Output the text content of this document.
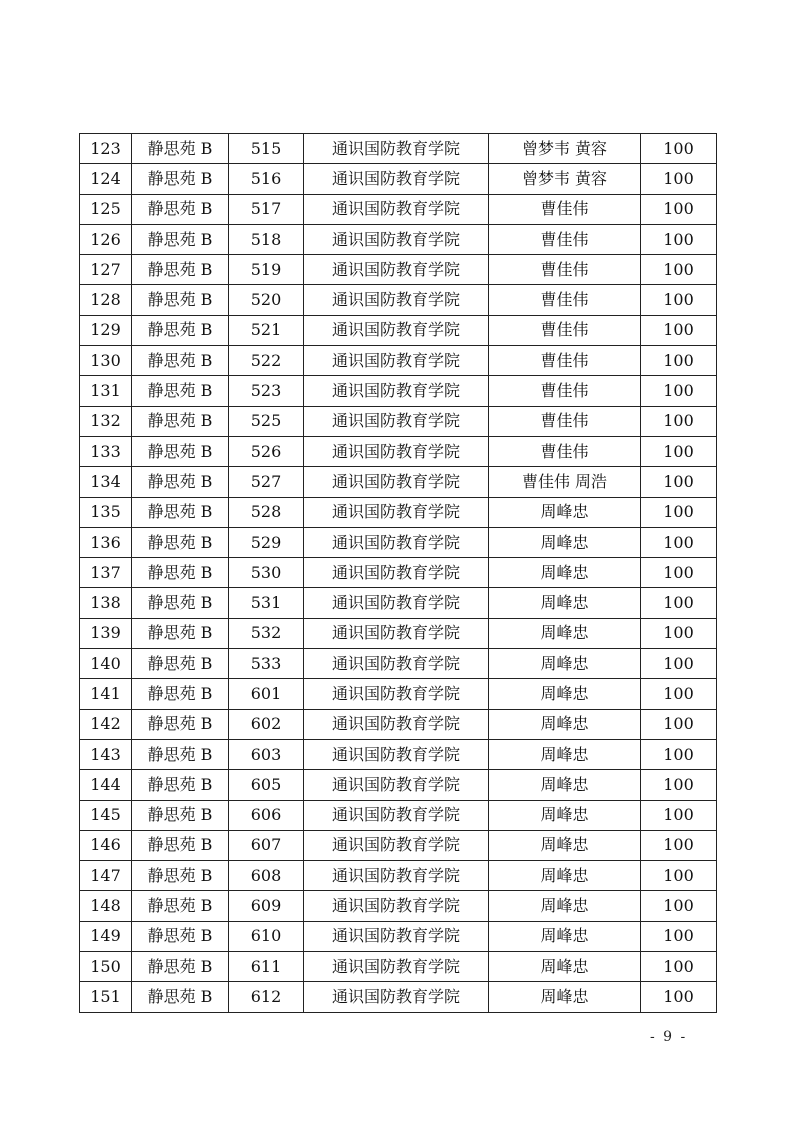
123	静思苑 B	515	通识国防教育学院	曾梦韦 黄容	100
124	静思苑 B	516	通识国防教育学院	曾梦韦 黄容	100
125	静思苑 B	517	通识国防教育学院	曹佳伟	100
126	静思苑 B	518	通识国防教育学院	曹佳伟	100
127	静思苑 B	519	通识国防教育学院	曹佳伟	100
128	静思苑 B	520	通识国防教育学院	曹佳伟	100
129	静思苑 B	521	通识国防教育学院	曹佳伟	100
130	静思苑 B	522	通识国防教育学院	曹佳伟	100
131	静思苑 B	523	通识国防教育学院	曹佳伟	100
132	静思苑 B	525	通识国防教育学院	曹佳伟	100
133	静思苑 B	526	通识国防教育学院	曹佳伟	100
134	静思苑 B	527	通识国防教育学院	曹佳伟 周浩	100
135	静思苑 B	528	通识国防教育学院	周峰忠	100
136	静思苑 B	529	通识国防教育学院	周峰忠	100
137	静思苑 B	530	通识国防教育学院	周峰忠	100
138	静思苑 B	531	通识国防教育学院	周峰忠	100
139	静思苑 B	532	通识国防教育学院	周峰忠	100
140	静思苑 B	533	通识国防教育学院	周峰忠	100
141	静思苑 B	601	通识国防教育学院	周峰忠	100
142	静思苑 B	602	通识国防教育学院	周峰忠	100
143	静思苑 B	603	通识国防教育学院	周峰忠	100
144	静思苑 B	605	通识国防教育学院	周峰忠	100
145	静思苑 B	606	通识国防教育学院	周峰忠	100
146	静思苑 B	607	通识国防教育学院	周峰忠	100
147	静思苑 B	608	通识国防教育学院	周峰忠	100
148	静思苑 B	609	通识国防教育学院	周峰忠	100
149	静思苑 B	610	通识国防教育学院	周峰忠	100
150	静思苑 B	611	通识国防教育学院	周峰忠	100
151	静思苑 B	612	通识国防教育学院	周峰忠	100
- 9 -
